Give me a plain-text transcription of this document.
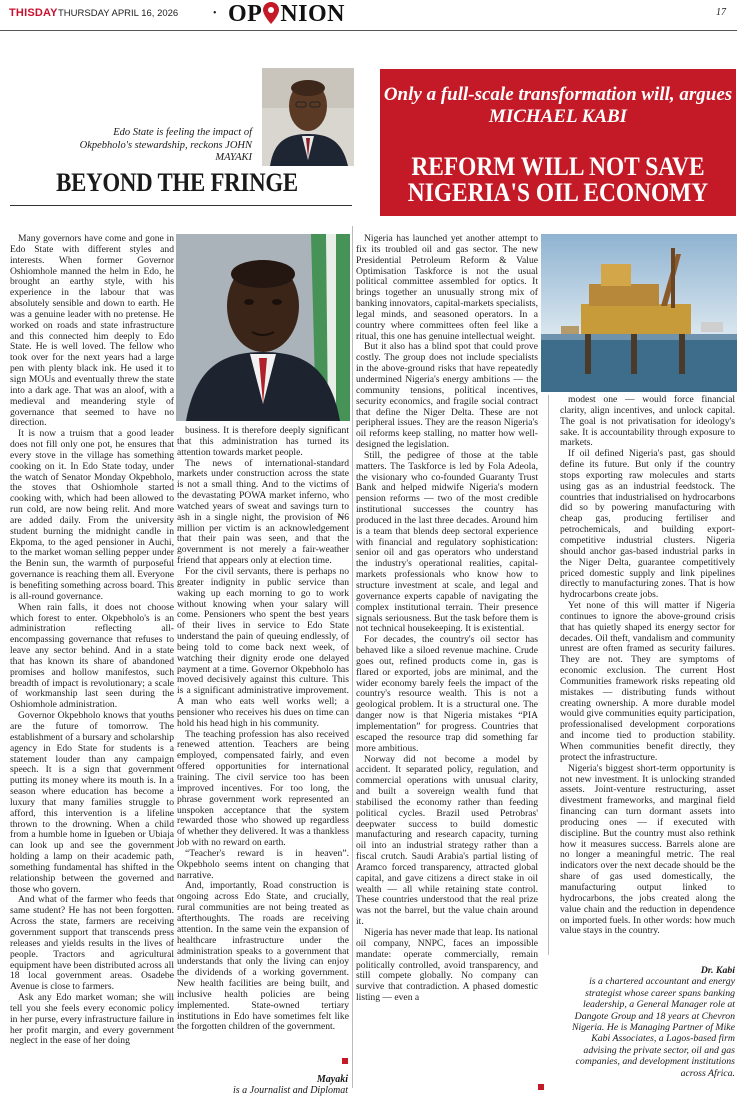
THISDAY THURSDAY APRIL 16, 2026	• OP NION	17
Edo State is feeling the impact of Okpebholo's stewardship, reckons JOHN MAYAKI
BEYOND THE FRINGE
Only a full-scale transformation will, argues MICHAEL KABI
REFORM WILL NOT SAVE NIGERIA'S OIL ECONOMY

Many governors have come and gone in Edo State with different styles and interests. When former Governor Oshiomhole manned the helm in Edo, he brought an earthy style, with his experience in the labour that was absolutely sensible and down to earth. He was a genuine leader with no pretense. He worked on roads and state infrastructure and this connected him deeply to Edo State. He is well loved. The fellow who took over for the next years had a large pen with plenty black ink. He used it to sign MOUs and eventually threw the state into a dark age. That was an aloof, with a medieval and meandering style of governance that seemed to have no direction.

It is now a truism that a good leader does not fill only one pot, he ensures that every stove in the village has something cooking on it. In Edo State today, under the watch of Senator Monday Okpebholo, the stoves that Oshiomhole started cooking with, which had been allowed to run cold, are now being relit. And more are added daily. From the university student burning the midnight candle in Ekpoma, to the aged pensioner in Auchi, to the market woman selling pepper under the Benin sun, the warmth of purposeful governance is reaching them all. Everyone is benefiting something across board. This is all-round governance.

When rain falls, it does not choose which forest to enter. Okpebholo's is an administration reflecting all-encompassing governance that refuses to leave any sector behind. And in a state that has known its share of abandoned promises and hollow manifestos, such breadth of impact is revolutionary; a scale of workmanship last seen during the Oshiomhole administration.

Governor Okpebholo knows that youths are the future of tomorrow. The establishment of a bursary and scholarship agency in Edo State for students is a statement louder than any campaign speech. It is a sign that government putting its money where its mouth is. In a season where education has become a luxury that many families struggle to afford, this intervention is a lifeline thrown to the drowning. When a child from a humble home in Igueben or Ubiaja can look up and see the government holding a lamp on their academic path, something fundamental has shifted in the relationship between the governed and those who govern.

And what of the farmer who feeds that same student? He has not been forgotten. Across the state, farmers are receiving government support that transcends press releases and yields results in the lives of people. Tractors and agricultural equipment have been distributed across all 18 local government areas. Osadebe Avenue is close to farmers.

Ask any Edo market woman; she will tell you she feels every economic policy in her purse, every infrastructure failure in her profit margin, and every government neglect in the ease of her doing

business. It is therefore deeply significant that this administration has turned its attention towards market people.

The news of international-standard markets under construction across the state is not a small thing. And to the victims of the devastating POWA market inferno, who watched years of sweat and savings turn to ash in a single night, the provision of ₦6 million per victim is an acknowledgement that their pain was seen, and that the government is not merely a fair-weather friend that appears only at election time.

For the civil servants, there is perhaps no greater indignity in public service than waking up each morning to go to work without knowing when your salary will come. Pensioners who spent the best years of their lives in service to Edo State understand the pain of queuing endlessly, of being told to come back next week, of watching their dignity erode one delayed payment at a time. Governor Okpebholo has moved decisively against this culture. This is a significant administrative improvement. A man who eats well works well; a pensioner who receives his dues on time can hold his head high in his community.

The teaching profession has also received renewed attention. Teachers are being employed, compensated fairly, and even offered opportunities for international training. The civil service too has been improved incentives. For too long, the phrase government work represented an unspoken acceptance that the system rewarded those who showed up regardless of whether they delivered. It was a thankless job with no reward on earth.

“Teacher's reward is in heaven”. Okpebholo seems intent on changing that narrative.

And, importantly, Road construction is ongoing across Edo State, and crucially, rural communities are not being treated as afterthoughts. The roads are receiving attention. In the same vein the expansion of healthcare infrastructure under the administration speaks to a government that understands that only the living can enjoy the dividends of a working government. New health facilities are being built, and inclusive health policies are being implemented. State-owned tertiary institutions in Edo have sometimes felt like the forgotten children of the government.

Nigeria has launched yet another attempt to fix its troubled oil and gas sector. The new Presidential Petroleum Reform & Value Optimisation Taskforce is not the usual political committee assembled for optics. It brings together an unusually strong mix of banking innovators, capital-markets specialists, legal minds, and seasoned operators. In a country where committees often feel like a ritual, this one has genuine intellectual weight.

But it also has a blind spot that could prove costly. The group does not include specialists in the above-ground risks that have repeatedly undermined Nigeria's energy ambitions — the community tensions, political incentives, security economics, and fragile social contract that define the Niger Delta. These are not peripheral issues. They are the reason Nigeria's oil reforms keep stalling, no matter how well-designed the legislation.

Still, the pedigree of those at the table matters. The Taskforce is led by Fola Adeola, the visionary who co-founded Guaranty Trust Bank and helped midwife Nigeria's modern pension reforms — two of the most credible institutional successes the country has produced in the last three decades. Around him is a team that blends deep sectoral experience with financial and regulatory sophistication: senior oil and gas operators who understand the industry's operational realities, capital-markets professionals who know how to structure investment at scale, and legal and governance experts capable of navigating the complex institutional terrain. Their presence signals seriousness. But the task before them is not technical housekeeping. It is existential.

For decades, the country's oil sector has behaved like a siloed revenue machine. Crude goes out, refined products come in, gas is flared or exported, jobs are minimal, and the wider economy barely feels the impact of the country's resource wealth. This is not a geological problem. It is a structural one. The danger now is that Nigeria mistakes “PIA implementation” for progress. Countries that escaped the resource trap did something far more ambitious.

Norway did not become a model by accident. It separated policy, regulation, and commercial operations with unusual clarity, and built a sovereign wealth fund that stabilised the economy rather than feeding political cycles. Brazil used Petrobras' deepwater success to build domestic manufacturing and research capacity, turning oil into an industrial strategy rather than a fiscal crutch. Saudi Arabia's partial listing of Aramco forced transparency, attracted global capital, and gave citizens a direct stake in oil wealth — all while retaining state control. These countries understood that the real prize was not the barrel, but the value chain around it.

Nigeria has never made that leap. Its national oil company, NNPC, faces an impossible mandate: operate commercially, remain politically controlled, avoid transparency, and still compete globally. No company can survive that contradiction. A phased domestic listing — even a

modest one — would force financial clarity, align incentives, and unlock capital. The goal is not privatisation for ideology's sake. It is accountability through exposure to markets.

If oil defined Nigeria's past, gas should define its future. But only if the country stops exporting raw molecules and starts using gas as an industrial feedstock. The countries that industrialised on hydrocarbons did so by powering manufacturing with cheap gas, producing fertiliser and petrochemicals, and building export-competitive industrial clusters. Nigeria should anchor gas-based industrial parks in the Niger Delta, guarantee competitively priced domestic supply and link pipelines directly to manufacturing zones. That is how hydrocarbons create jobs.

Yet none of this will matter if Nigeria continues to ignore the above-ground crisis that has quietly shaped its energy sector for decades. Oil theft, vandalism and community unrest are often framed as security failures. They are not. They are symptoms of economic exclusion. The current Host Communities framework risks repeating old mistakes — distributing funds without creating ownership. A more durable model would give communities equity participation, professionalised development corporations and income tied to production stability. When communities benefit directly, they protect the infrastructure.

Nigeria's biggest short-term opportunity is not new investment. It is unlocking stranded assets. Joint-venture restructuring, asset divestment frameworks, and marginal field financing can turn dormant assets into producing ones — if executed with discipline. But the country must also rethink how it measures success. Barrels alone are no longer a meaningful metric. The real indicators over the next decade should be the share of gas used domestically, the manufacturing output linked to hydrocarbons, the jobs created along the value chain and the reduction in dependence on imported fuels. In other words: how much value stays in the country.

Mayaki
is a Journalist and Diplomat
Dr. Kabi
is a chartered accountant and energy strategist whose career spans banking leadership, a General Manager role at Dangote Group and 18 years at Chevron Nigeria. He is Managing Partner of Mike Kabi Associates, a Lagos-based firm advising the private sector, oil and gas companies, and development institutions across Africa.
